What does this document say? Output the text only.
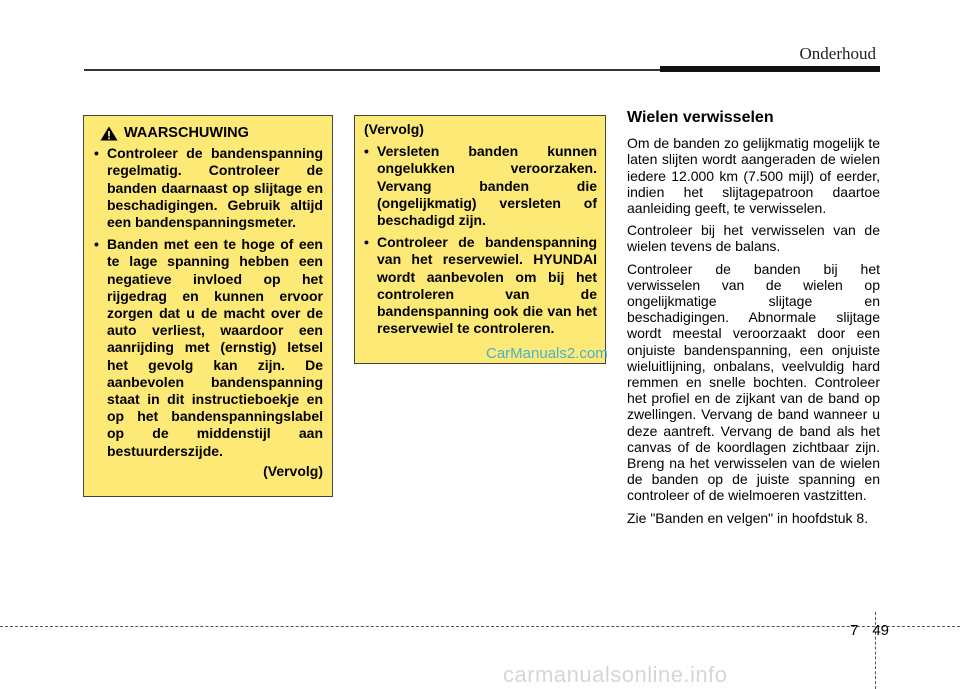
Onderhoud
WAARSCHUWING
• Controleer de bandenspanning regelmatig. Controleer de banden daarnaast op slijtage en beschadigingen. Gebruik altijd een bandenspanningsmeter.
• Banden met een te hoge of een te lage spanning hebben een negatieve invloed op het rijgedrag en kunnen ervoor zorgen dat u de macht over de auto verliest, waardoor een aanrijding met (ernstig) letsel het gevolg kan zijn. De aanbevolen bandenspanning staat in dit instructieboekje en op het bandenspanningslabel op de middenstijl aan bestuurderszijde.
(Vervolg)
(Vervolg)
• Versleten banden kunnen ongelukken veroorzaken. Vervang banden die (ongelijkmatig) versleten of beschadigd zijn.
• Controleer de bandenspanning van het reservewiel. HYUNDAI wordt aanbevolen om bij het controleren van de bandenspanning ook die van het reservewiel te controleren.
CarManuals2.com
Wielen verwisselen

Om de banden zo gelijkmatig mogelijk te laten slijten wordt aangeraden de wielen iedere 12.000 km (7.500 mijl) of eerder, indien het slijtagepatroon daartoe aanleiding geeft, te verwisselen.

Controleer bij het verwisselen van de wielen tevens de balans.

Controleer de banden bij het verwisselen van de wielen op ongelijkmatige slijtage en beschadigingen. Abnormale slijtage wordt meestal veroorzaakt door een onjuiste bandenspanning, een onjuiste wieluitlijning, onbalans, veelvuldig hard remmen en snelle bochten. Controleer het profiel en de zijkant van de band op zwellingen. Vervang de band wanneer u deze aantreft. Vervang de band als het canvas of de koordlagen zichtbaar zijn. Breng na het verwisselen van de wielen de banden op de juiste spanning en controleer of de wielmoeren vastzitten.

Zie "Banden en velgen" in hoofdstuk 8.

7 49
carmanualsonline.info
